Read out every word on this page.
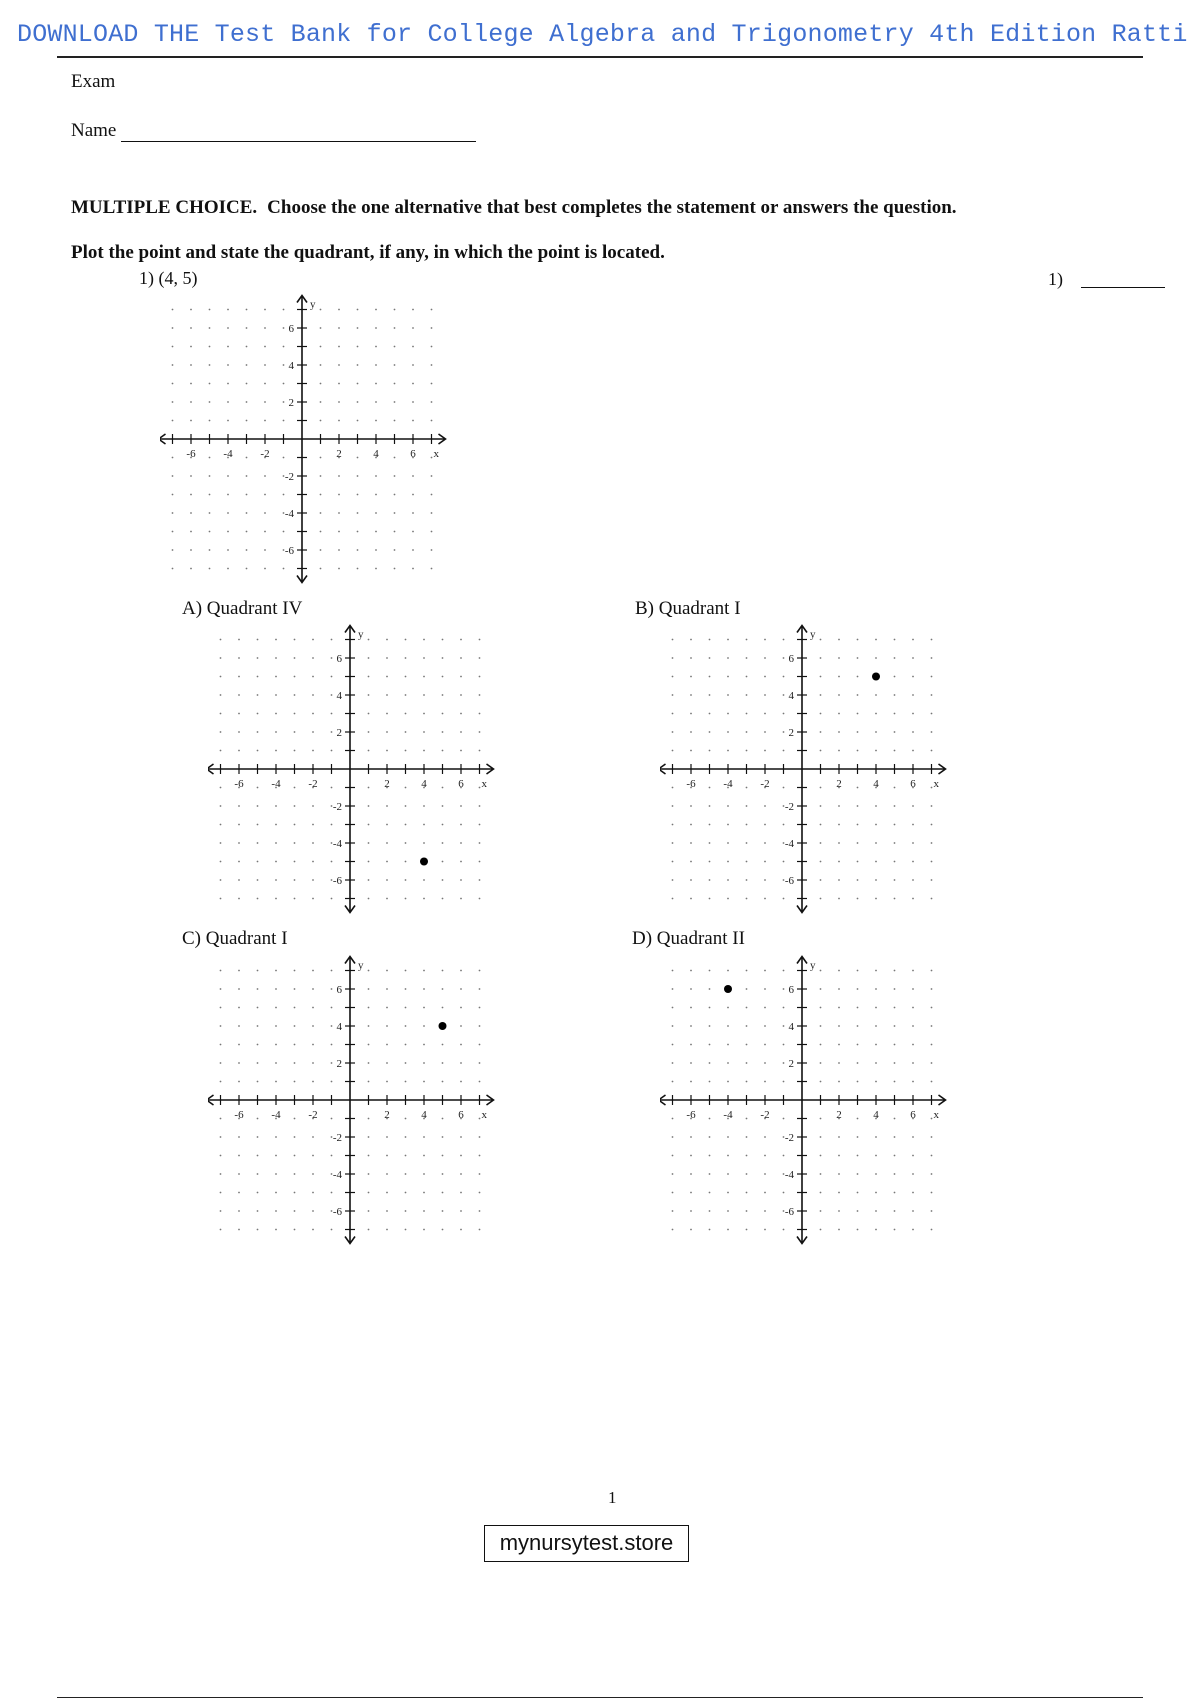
DOWNLOAD THE Test Bank for College Algebra and Trigonometry 4th Edition Ratti
Exam
Name
MULTIPLE CHOICE. Choose the one alternative that best completes the statement or answers the question.
Plot the point and state the quadrant, if any, in which the point is located.
1) (4, 5)	1)
-6	-4	-2	2	4	6
6
4
2
-2
-4
-6
x
y
A) Quadrant IV
-6	-4	-2	2	4	6
6
4
2
-2
-4
-6
x
y
B) Quadrant I
-6	-4	-2	2	4	6
6
4
2
-2
-4
-6
x
y
C) Quadrant I
-6	-4	-2	2	4	6
6
4
2
-2
-4
-6
x
y
D) Quadrant II
-6	-4	-2	2	4	6
6
4
2
-2
-4
-6
x
y
1
mynursytest.store
